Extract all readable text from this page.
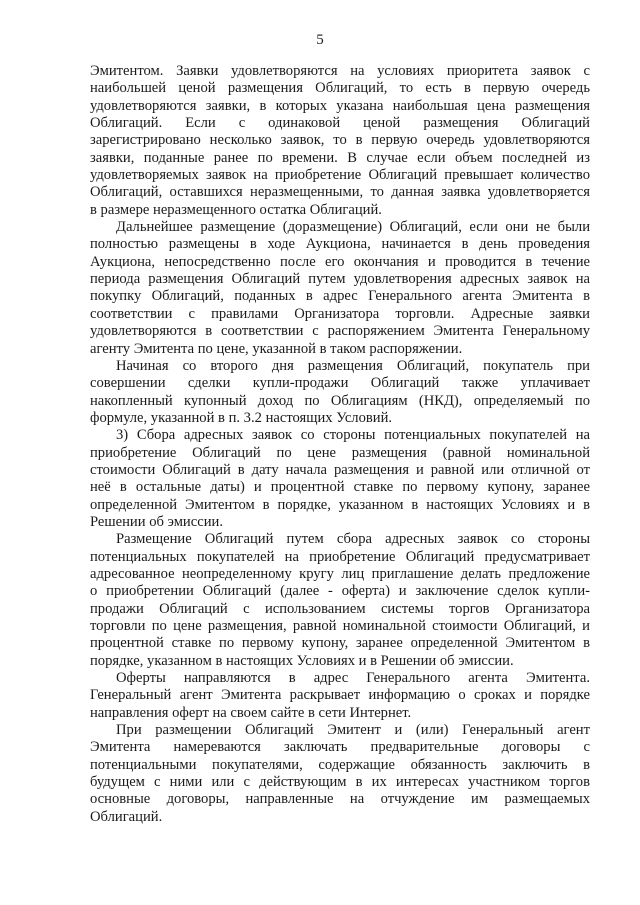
5

Эмитентом. Заявки удовлетворяются на условиях приоритета заявок с
наибольшей ценой размещения Облигаций, то есть в первую очередь
удовлетворяются заявки, в которых указана наибольшая цена размещения
Облигаций. Если с одинаковой ценой размещения Облигаций
зарегистрировано несколько заявок, то в первую очередь удовлетворяются
заявки, поданные ранее по времени. В случае если объем последней из
удовлетворяемых заявок на приобретение Облигаций превышает количество
Облигаций, оставшихся неразмещенными, то данная заявка удовлетворяется
в размере неразмещенного остатка Облигаций.

Дальнейшее размещение (доразмещение) Облигаций, если они не были
полностью размещены в ходе Аукциона, начинается в день проведения
Аукциона, непосредственно после его окончания и проводится в течение
периода размещения Облигаций путем удовлетворения адресных заявок на
покупку Облигаций, поданных в адрес Генерального агента Эмитента в
соответствии с правилами Организатора торговли. Адресные заявки
удовлетворяются в соответствии с распоряжением Эмитента Генеральному
агенту Эмитента по цене, указанной в таком распоряжении.

Начиная со второго дня размещения Облигаций, покупатель при
совершении сделки купли-продажи Облигаций также уплачивает
накопленный купонный доход по Облигациям (НКД), определяемый по
формуле, указанной в п. 3.2 настоящих Условий.

3) Сбора адресных заявок со стороны потенциальных покупателей на
приобретение Облигаций по цене размещения (равной номинальной
стоимости Облигаций в дату начала размещения и равной или отличной от
неё в остальные даты) и процентной ставке по первому купону, заранее
определенной Эмитентом в порядке, указанном в настоящих Условиях и в
Решении об эмиссии.

Размещение Облигаций путем сбора адресных заявок со стороны
потенциальных покупателей на приобретение Облигаций предусматривает
адресованное неопределенному кругу лиц приглашение делать предложение
о приобретении Облигаций (далее - оферта) и заключение сделок купли-
продажи Облигаций с использованием системы торгов Организатора
торговли по цене размещения, равной номинальной стоимости Облигаций, и
процентной ставке по первому купону, заранее определенной Эмитентом в
порядке, указанном в настоящих Условиях и в Решении об эмиссии.

Оферты направляются в адрес Генерального агента Эмитента.
Генеральный агент Эмитента раскрывает информацию о сроках и порядке
направления оферт на своем сайте в сети Интернет.

При размещении Облигаций Эмитент и (или) Генеральный агент
Эмитента намереваются заключать предварительные договоры с
потенциальными покупателями, содержащие обязанность заключить в
будущем с ними или с действующим в их интересах участником торгов
основные договоры, направленные на отчуждение им размещаемых
Облигаций.
